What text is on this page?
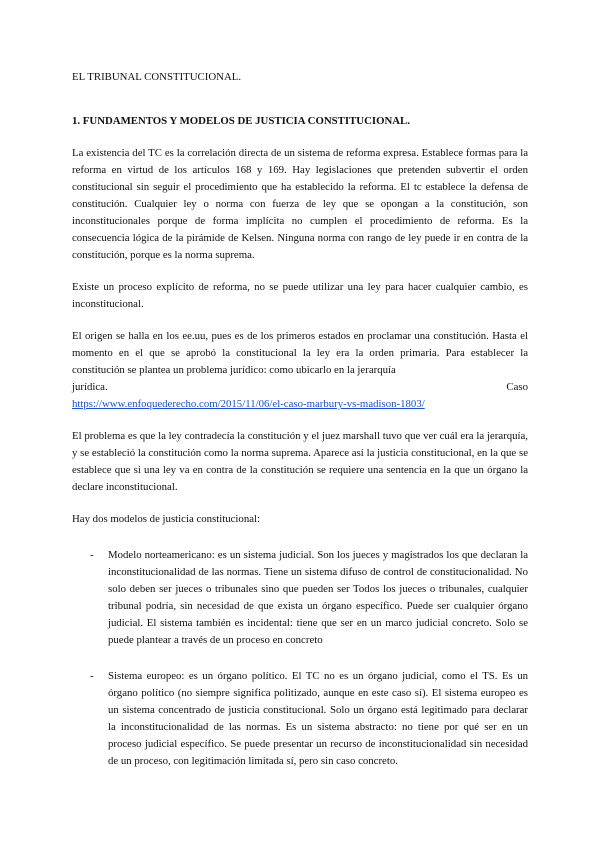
EL TRIBUNAL CONSTITUCIONAL.
1. FUNDAMENTOS Y MODELOS DE JUSTICIA CONSTITUCIONAL.

La existencia del TC es la correlación directa de un sistema de reforma expresa. Establece formas para la reforma en virtud de los artículos 168 y 169. Hay legislaciones que pretenden subvertir el orden constitucional sin seguir el procedimiento que ha establecido la reforma. El tc establece la defensa de constitución. Cualquier ley o norma con fuerza de ley que se opongan a la constitución, son inconstitucionales porque de forma implícita no cumplen el procedimiento de reforma. Es la consecuencia lógica de la pirámide de Kelsen. Ninguna norma con rango de ley puede ir en contra de la constitución, porque es la norma suprema.

Existe un proceso explícito de reforma, no se puede utilizar una ley para hacer cualquier cambio, es inconstitucional.

El origen se halla en los ee.uu, pues es de los primeros estados en proclamar una constitución. Hasta el momento en el que se aprobó la constitucional la ley era la orden primaria. Para establecer la constitución se plantea un problema jurídico: como ubicarlo en la jerarquía

jurídica.	Caso
https://www.enfoquederecho.com/2015/11/06/el-caso-marbury-vs-madison-1803/

El problema es que la ley contradecía la constitución y el juez marshall tuvo que ver cuál era la jerarquía, y se estableció la constitución como la norma suprema. Aparece así la justicia constitucional, en la que se establece que si una ley va en contra de la constitución se requiere una sentencia en la que un órgano la declare inconstitucional.

Hay dos modelos de justicia constitucional:
- Modelo norteamericano: es un sistema judicial. Son los jueces y magistrados los que declaran la inconstitucionalidad de las normas. Tiene un sistema difuso de control de constitucionalidad. No solo deben ser jueces o tribunales sino que pueden ser Todos los jueces o tribunales, cualquier tribunal podría, sin necesidad de que exista un órgano específico. Puede ser cualquier órgano judicial. El sistema también es incidental: tiene que ser en un marco judicial concreto. Solo se puede plantear a través de un proceso en concreto
- Sistema europeo: es un órgano político. El TC no es un órgano judicial, como el TS. Es un órgano político (no siempre significa politizado, aunque en este caso sí). El sistema europeo es un sistema concentrado de justicia constitucional. Solo un órgano está legitimado para declarar la inconstitucionalidad de las normas. Es un sistema abstracto: no tiene por qué ser en un proceso judicial específico. Se puede presentar un recurso de inconstitucionalidad sin necesidad de un proceso, con legitimación limitada sí, pero sin caso concreto.
